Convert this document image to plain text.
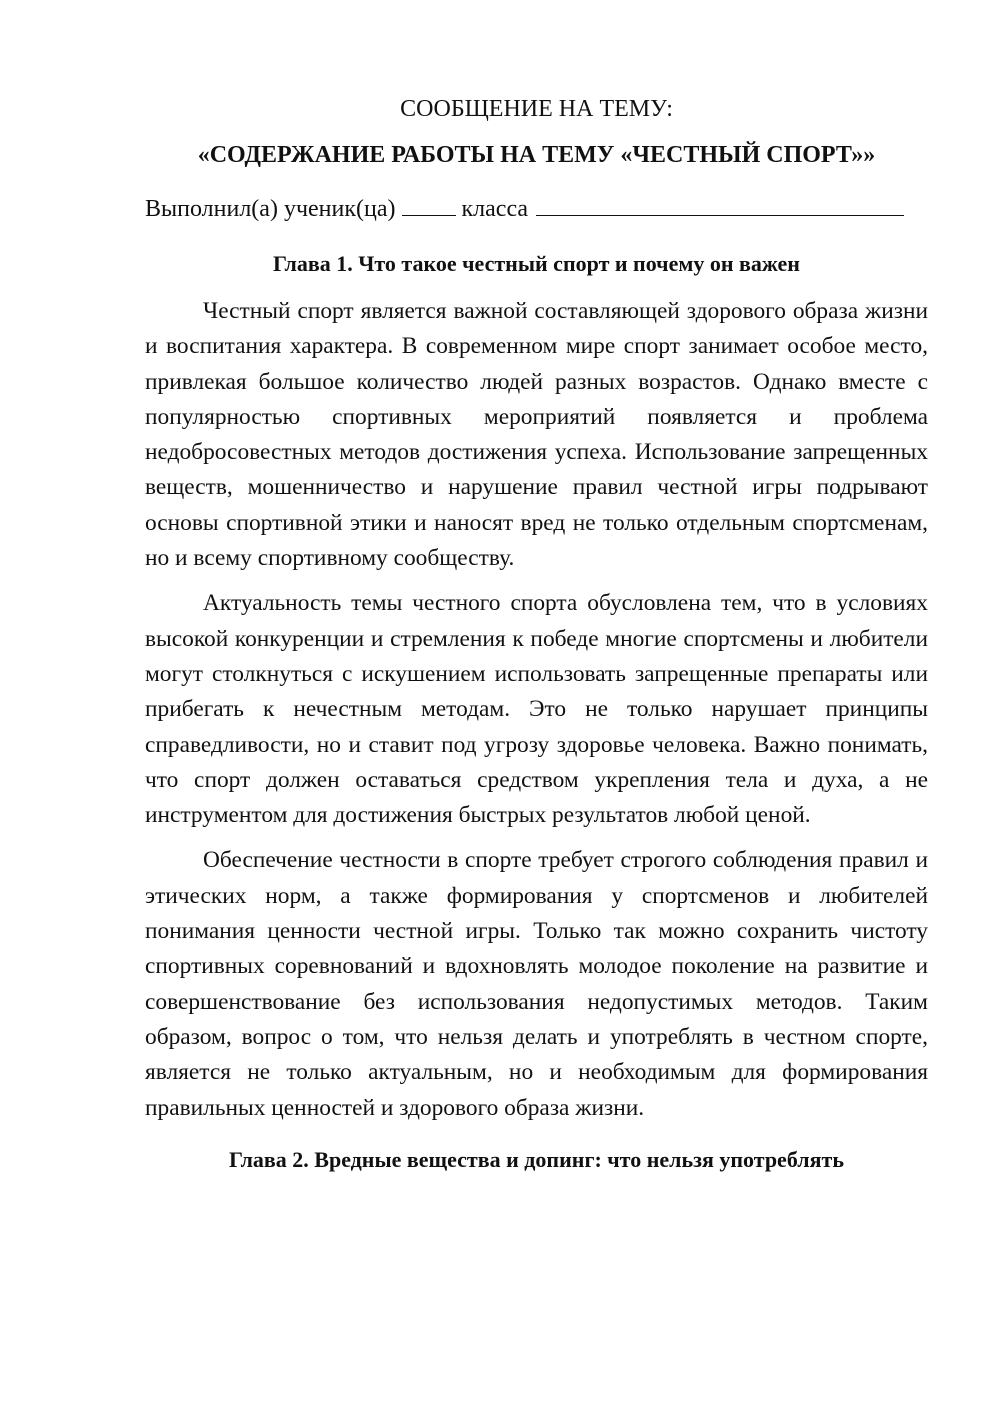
СООБЩЕНИЕ НА ТЕМУ:

«СОДЕРЖАНИЕ РАБОТЫ НА ТЕМУ «ЧЕСТНЫЙ СПОРТ»»

Выполнил(а) ученик(ца)	класса

Глава 1. Что такое честный спорт и почему он важен

Честный спорт является важной составляющей здорового образа жизни и воспитания характера. В современном мире спорт занимает особое место, привлекая большое количество людей разных возрастов. Однако вместе с популярностью спортивных мероприятий появляется и проблема недобросовестных методов достижения успеха. Использование запрещенных веществ, мошенничество и нарушение правил честной игры подрывают основы спортивной этики и наносят вред не только отдельным спортсменам, но и всему спортивному сообществу.

Актуальность темы честного спорта обусловлена тем, что в условиях высокой конкуренции и стремления к победе многие спортсмены и любители могут столкнуться с искушением использовать запрещенные препараты или прибегать к нечестным методам. Это не только нарушает принципы справедливости, но и ставит под угрозу здоровье человека. Важно понимать, что спорт должен оставаться средством укрепления тела и духа, а не инструментом для достижения быстрых результатов любой ценой.

Обеспечение честности в спорте требует строгого соблюдения правил и этических норм, а также формирования у спортсменов и любителей понимания ценности честной игры. Только так можно сохранить чистоту спортивных соревнований и вдохновлять молодое поколение на развитие и совершенствование без использования недопустимых методов. Таким образом, вопрос о том, что нельзя делать и употреблять в честном спорте, является не только актуальным, но и необходимым для формирования правильных ценностей и здорового образа жизни.

Глава 2. Вредные вещества и допинг: что нельзя употреблять
